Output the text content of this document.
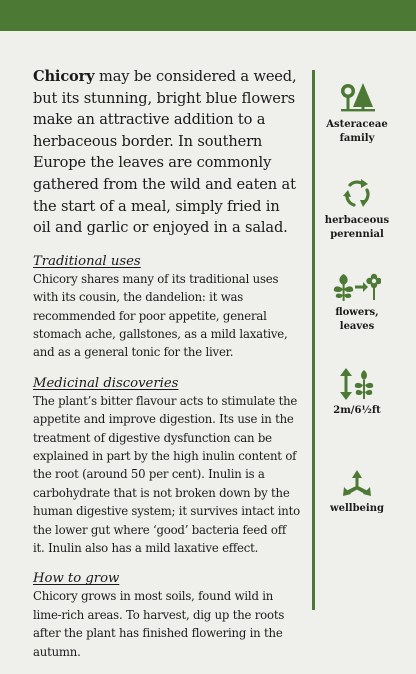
Chicory may be considered a weed, but its stunning, bright blue flowers make an attractive addition to a herbaceous border. In southern Europe the leaves are commonly gathered from the wild and eaten at the start of a meal, simply fried in oil and garlic or enjoyed in a salad.

Traditional uses

Chicory shares many of its traditional uses with its cousin, the dandelion: it was recommended for poor appetite, general stomach ache, gallstones, as a mild laxative, and as a general tonic for the liver.

Medicinal discoveries

The plant’s bitter flavour acts to stimulate the appetite and improve digestion. Its use in the treatment of digestive dysfunction can be explained in part by the high inulin content of the root (around 50 per cent). Inulin is a carbohydrate that is not broken down by the human digestive system; it survives intact into the lower gut where ‘good’ bacteria feed off it. Inulin also has a mild laxative effect.

How to grow

Chicory grows in most soils, found wild in lime-rich areas. To harvest, dig up the roots after the plant has finished flowering in the autumn.

Asteraceae family
herbaceous perennial
flowers, leaves
2m/6½ft
wellbeing
